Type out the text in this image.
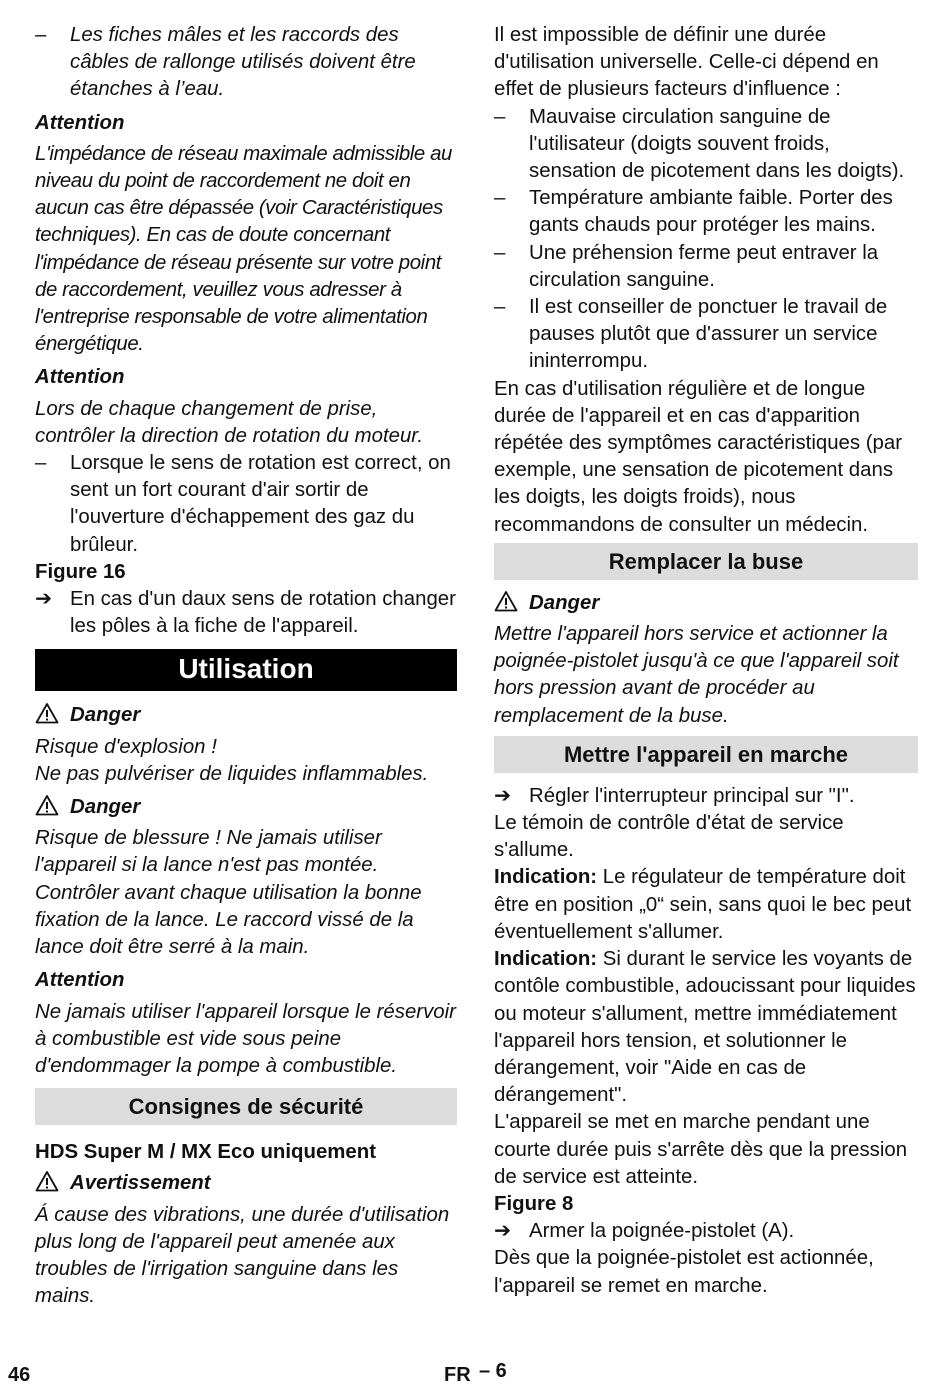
–	Les fiches mâles et les raccords des câbles de rallonge utilisés doivent être étanches à l’eau.

Attention

L'impédance de réseau maximale admissible au niveau du point de raccordement ne doit en aucun cas être dépassée (voir Caractéristiques techniques). En cas de doute concernant l'impédance de réseau présente sur votre point de raccordement, veuillez vous adresser à l'entreprise responsable de votre alimentation énergétique.

Attention

Lors de chaque changement de prise, contrôler la direction de rotation du moteur.

–	Lorsque le sens de rotation est correct, on sent un fort courant d'air sortir de l'ouverture d'échappement des gaz du brûleur.

Figure 16

➔ En cas d'un daux sens de rotation changer les pôles à la fiche de l'appareil.
Utilisation

Danger

Risque d'explosion !

Ne pas pulvériser de liquides inflammables.

Danger

Risque de blessure ! Ne jamais utiliser l'appareil si la lance n'est pas montée. Contrôler avant chaque utilisation la bonne fixation de la lance. Le raccord vissé de la lance doit être serré à la main.

Attention

Ne jamais utiliser l'appareil lorsque le réservoir à combustible est vide sous peine d'endommager la pompe à combustible.

Consignes de sécurité

HDS Super M / MX Eco uniquement

Avertissement

Á cause des vibrations, une durée d'utilisation plus long de l'appareil peut amenée aux troubles de l'irrigation sanguine dans les mains.

Il est impossible de définir une durée d'utilisation universelle. Celle-ci dépend en effet de plusieurs facteurs d'influence :

–	Mauvaise circulation sanguine de l'utilisateur (doigts souvent froids, sensation de picotement dans les doigts).
–	Température ambiante faible. Porter des gants chauds pour protéger les mains.
–	Une préhension ferme peut entraver la circulation sanguine.
–	Il est conseiller de ponctuer le travail de pauses plutôt que d'assurer un service ininterrompu.

En cas d'utilisation régulière et de longue durée de l'appareil et en cas d'apparition répétée des symptômes caractéristiques (par exemple, une sensation de picotement dans les doigts, les doigts froids), nous recommandons de consulter un médecin.

Remplacer la buse

Danger

Mettre l'appareil hors service et actionner la poignée-pistolet jusqu'à ce que l'appareil soit hors pression avant de procéder au remplacement de la buse.

Mettre l'appareil en marche
➔ Régler l'interrupteur principal sur "I".

Le témoin de contrôle d'état de service s'allume.

Indication: Le régulateur de température doit être en position „0“ sein, sans quoi le bec peut éventuellement s'allumer.

Indication: Si durant le service les voyants de contôle combustible, adoucissant pour liquides ou moteur s'allument, mettre immédiatement l'appareil hors tension, et solutionner le dérangement, voir "Aide en cas de dérangement".

L'appareil se met en marche pendant une courte durée puis s'arrête dès que la pression de service est atteinte.

Figure 8

➔ Armer la poignée-pistolet (A).

Dès que la poignée-pistolet est actionnée, l'appareil se remet en marche.

46	FR – 6
